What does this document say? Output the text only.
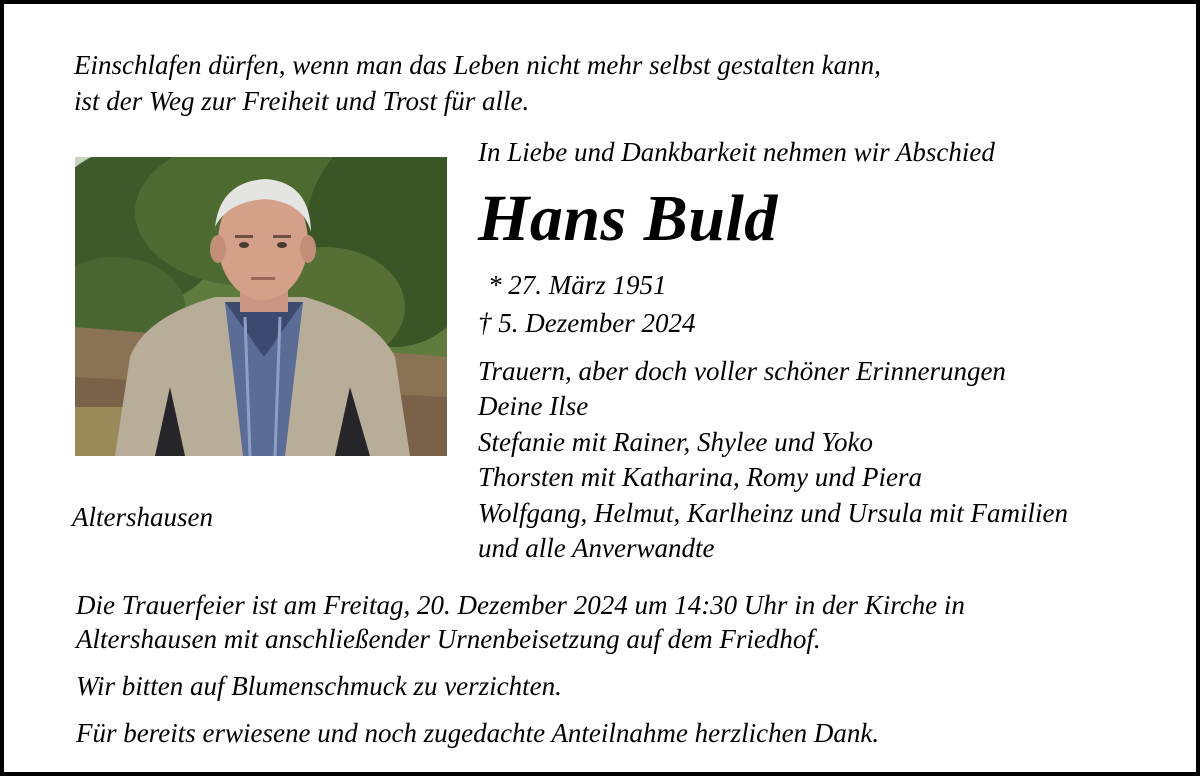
Einschlafen dürfen, wenn man das Leben nicht mehr selbst gestalten kann,
ist der Weg zur Freiheit und Trost für alle.
In Liebe und Dankbarkeit nehmen wir Abschied
Hans Buld
* 27. März 1951
† 5. Dezember 2024
Trauern, aber doch voller schöner Erinnerungen
Deine Ilse
Stefanie mit Rainer, Shylee und Yoko
Thorsten mit Katharina, Romy und Piera
Wolfgang, Helmut, Karlheinz und Ursula mit Familien
und alle Anverwandte
Altershausen
Die Trauerfeier ist am Freitag, 20. Dezember 2024 um 14:30 Uhr in der Kirche in
Altershausen mit anschließender Urnenbeisetzung auf dem Friedhof.
Wir bitten auf Blumenschmuck zu verzichten.
Für bereits erwiesene und noch zugedachte Anteilnahme herzlichen Dank.
